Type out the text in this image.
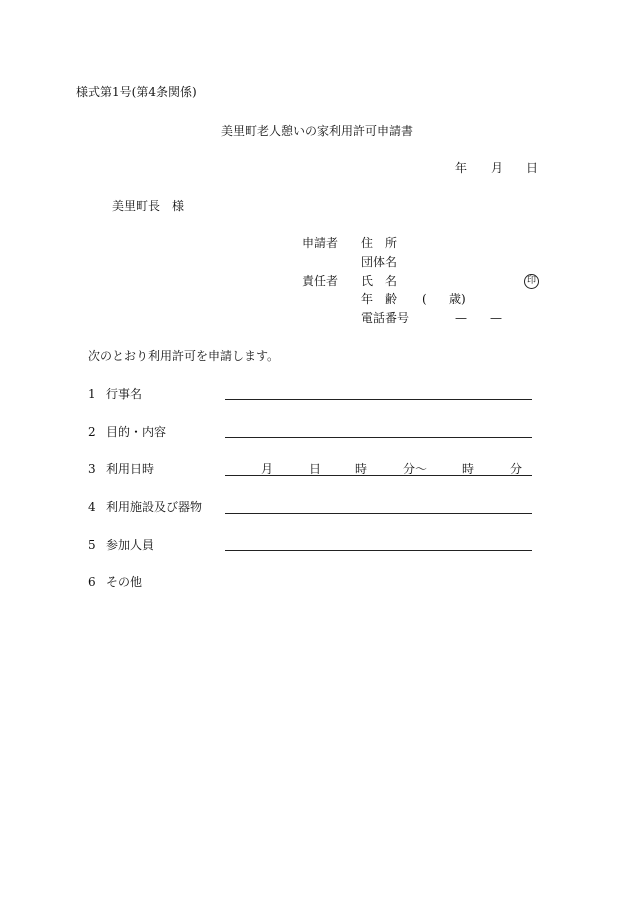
様式第1号(第4条関係)
美里町老人憩いの家利用許可申請書
年 月 日
美里町長　様
申請者 住　所
団体名
責任者 氏　名	印
年　齢 ( 歳)
電話番号	— —
次のとおり利用許可を申請します。
1 行事名
2 目的・内容
3 利用日時	月	日	時	分〜	時	分
4 利用施設及び器物
5 参加人員
6 その他
